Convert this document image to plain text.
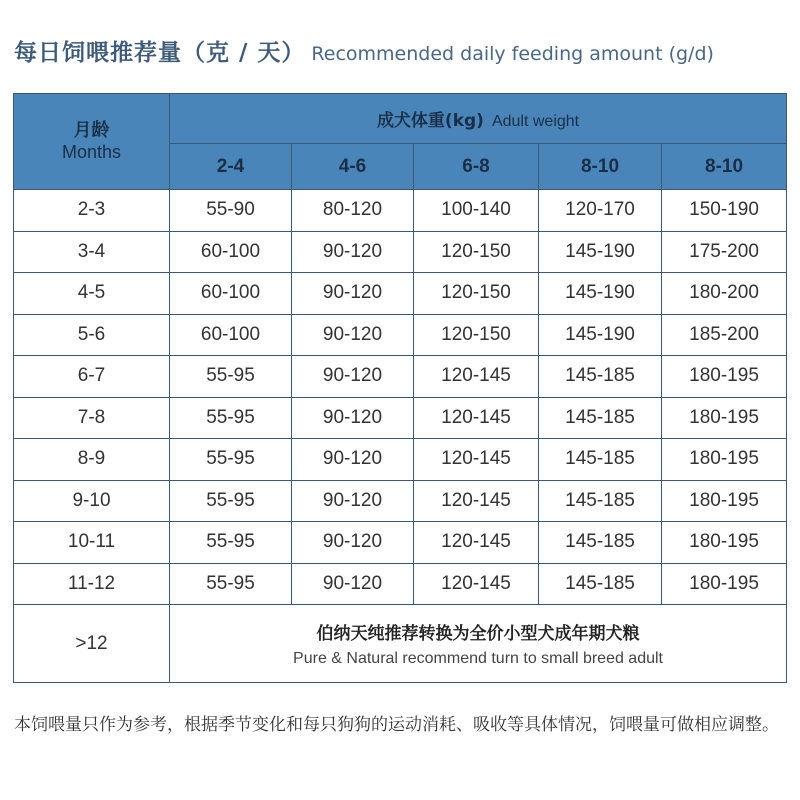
每日饲喂推荐量（克 / 天） Recommended daily feeding amount (g/d)
月龄
Months	成犬体重(kg) Adult weight				
	2-4	4-6	6-8	8-10	8-10
2-3	55-90	80-120	100-140	120-170	150-190
3-4	60-100	90-120	120-150	145-190	175-200
4-5	60-100	90-120	120-150	145-190	180-200
5-6	60-100	90-120	120-150	145-190	185-200
6-7	55-95	90-120	120-145	145-185	180-195
7-8	55-95	90-120	120-145	145-185	180-195
8-9	55-95	90-120	120-145	145-185	180-195
9-10	55-95	90-120	120-145	145-185	180-195
10-11	55-95	90-120	120-145	145-185	180-195
11-12	55-95	90-120	120-145	145-185	180-195
>12	伯纳天纯推荐转换为全价小型犬成年期犬粮
Pure & Natural recommend turn to small breed adult				
本饲喂量只作为参考，根据季节变化和每只狗狗的运动消耗、吸收等具体情况，饲喂量可做相应调整。
